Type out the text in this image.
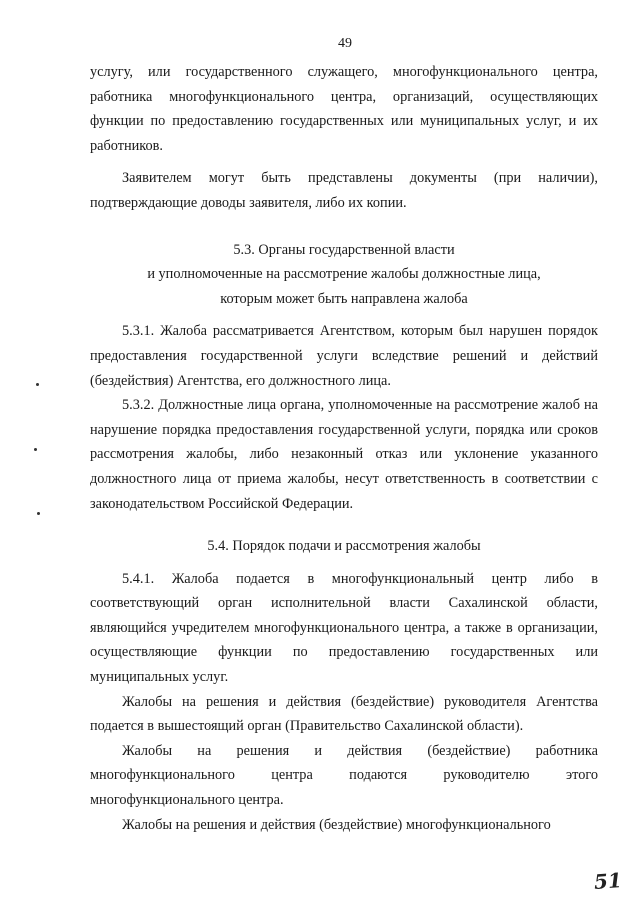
49

услугу, или государственного служащего, многофункционального центра, работника многофункционального центра, организаций, осуществляющих функции по предоставлению государственных или муниципальных услуг, и их работников.

Заявителем могут быть представлены документы (при наличии), подтверждающие доводы заявителя, либо их копии.

5.3. Органы государственной власти

и уполномоченные на рассмотрение жалобы должностные лица,

которым может быть направлена жалоба

5.3.1. Жалоба рассматривается Агентством, которым был нарушен порядок предоставления государственной услуги вследствие решений и действий (бездействия) Агентства, его должностного лица.

5.3.2. Должностные лица органа, уполномоченные на рассмотрение жалоб на нарушение порядка предоставления государственной услуги, порядка или сроков рассмотрения жалобы, либо незаконный отказ или уклонение указанного должностного лица от приема жалобы, несут ответственность в соответствии с законодательством Российской Федерации.

5.4. Порядок подачи и рассмотрения жалобы

5.4.1. Жалоба подается в многофункциональный центр либо в соответствующий орган исполнительной власти Сахалинской области, являющийся учредителем многофункционального центра, а также в организации, осуществляющие функции по предоставлению государственных или муниципальных услуг.

Жалобы на решения и действия (бездействие) руководителя Агентства подается в вышестоящий орган (Правительство Сахалинской области).

Жалобы на решения и действия (бездействие) работника многофункционального центра подаются руководителю этого многофункционального центра.

Жалобы на решения и действия (бездействие) многофункционального

51
